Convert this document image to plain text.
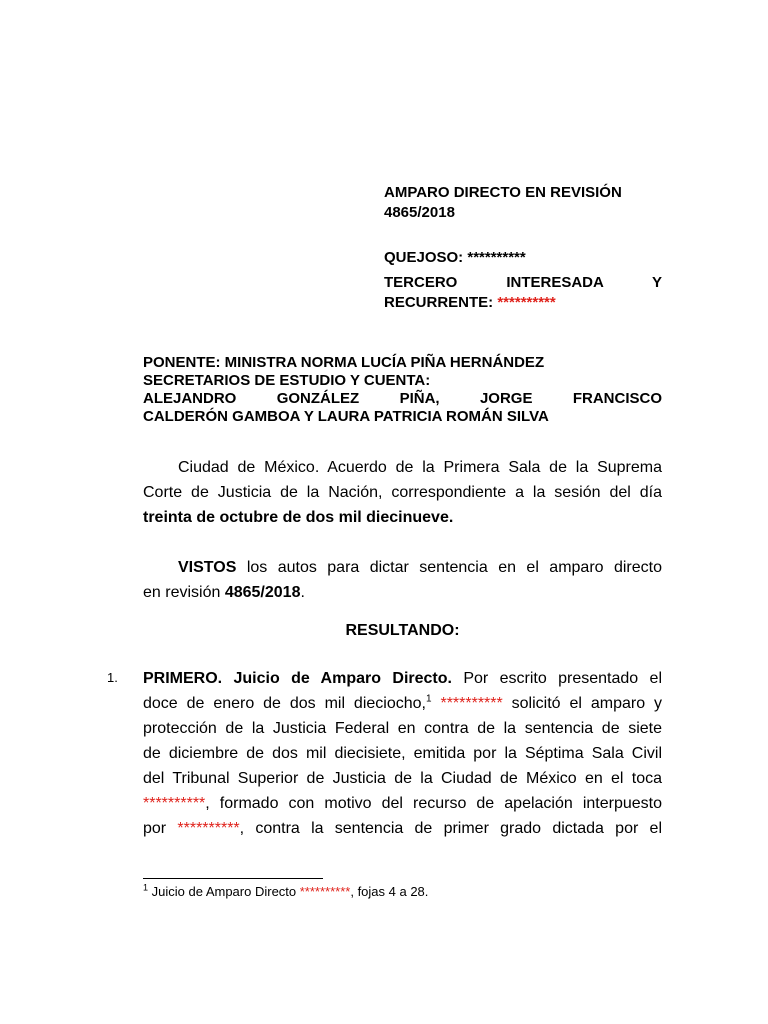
AMPARO DIRECTO EN REVISIÓN
4865/2018
QUEJOSO: **********
TERCERO	INTERESADA	Y
RECURRENTE: **********
PONENTE: MINISTRA NORMA LUCÍA PIÑA HERNÁNDEZ
SECRETARIOS DE ESTUDIO Y CUENTA:
ALEJANDRO GONZÁLEZ PIÑA, JORGE FRANCISCO
CALDERÓN GAMBOA Y LAURA PATRICIA ROMÁN SILVA
Ciudad de México. Acuerdo de la Primera Sala de la Suprema
Corte de Justicia de la Nación, correspondiente a la sesión del día
treinta de octubre de dos mil diecinueve.
VISTOS los autos para dictar sentencia en el amparo directo
en revisión 4865/2018.
RESULTANDO:
1. PRIMERO. Juicio de Amparo Directo. Por escrito presentado el
doce de enero de dos mil dieciocho,$^1$ ********** solicitó el amparo y
protección de la Justicia Federal en contra de la sentencia de siete
de diciembre de dos mil diecisiete, emitida por la Séptima Sala Civil
del Tribunal Superior de Justicia de la Ciudad de México en el toca
**********, formado con motivo del recurso de apelación interpuesto
por **********, contra la sentencia de primer grado dictada por el
$^1$ Juicio de Amparo Directo **********, fojas 4 a 28.
